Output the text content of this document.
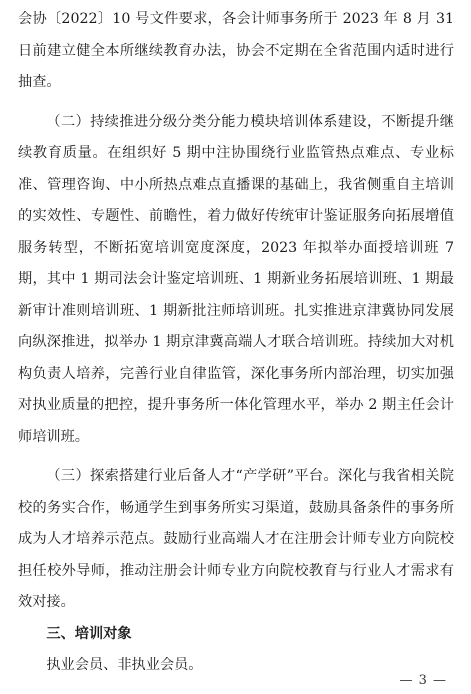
会协〔2022〕10 号文件要求，各会计师事务所于 2023 年 8 月 31 日前建立健全本所继续教育办法，协会不定期在全省范围内适时进行抽查。

（二）持续推进分级分类分能力模块培训体系建设，不断提升继续教育质量。在组织好 5 期中注协围绕行业监管热点难点、专业标准、管理咨询、中小所热点难点直播课的基础上，我省侧重自主培训的实效性、专题性、前瞻性，着力做好传统审计鉴证服务向拓展增值服务转型，不断拓宽培训宽度深度，2023 年拟举办面授培训班 7 期，其中 1 期司法会计鉴定培训班、1 期新业务拓展培训班、1 期最新审计准则培训班、1 期新批注师培训班。扎实推进京津冀协同发展向纵深推进，拟举办 1 期京津冀高端人才联合培训班。持续加大对机构负责人培养，完善行业自律监管，深化事务所内部治理，切实加强对执业质量的把控，提升事务所一体化管理水平，举办 2 期主任会计师培训班。

（三）探索搭建行业后备人才“产学研”平台。深化与我省相关院校的务实合作，畅通学生到事务所实习渠道，鼓励具备条件的事务所成为人才培养示范点。鼓励行业高端人才在注册会计师专业方向院校担任校外导师，推动注册会计师专业方向院校教育与行业人才需求有效对接。

三、培训对象

执业会员、非执业会员。

— 3 —
